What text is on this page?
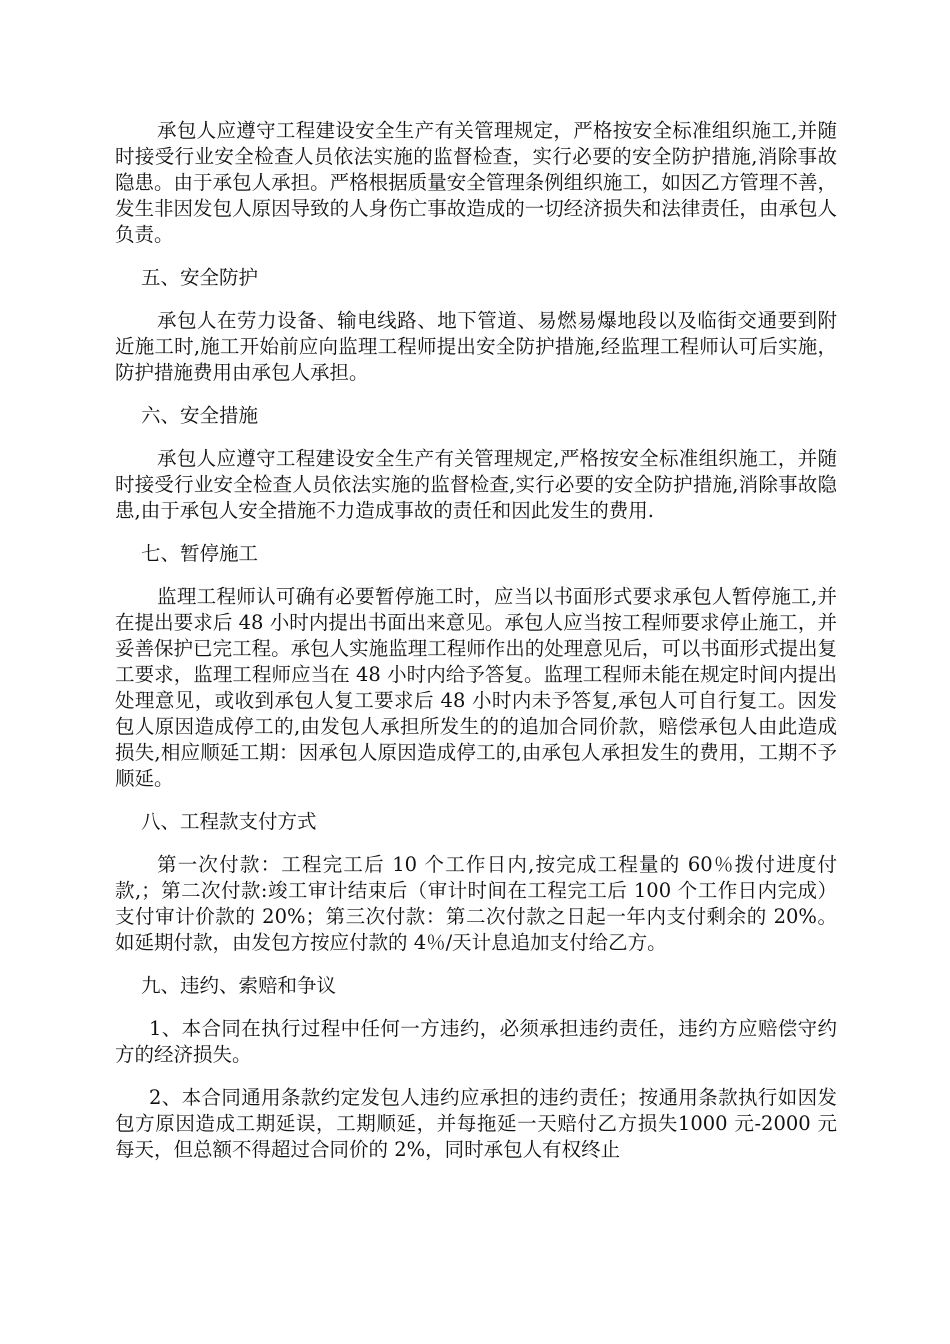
承包人应遵守工程建设安全生产有关管理规定，严格按安全标准组织施工,并随时接受行业安全检查人员依法实施的监督检查，实行必要的安全防护措施,消除事故隐患。由于承包人承担。严格根据质量安全管理条例组织施工，如因乙方管理不善，发生非因发包人原因导致的人身伤亡事故造成的一切经济损失和法律责任，由承包人负责。

五、安全防护

承包人在劳力设备、输电线路、地下管道、易燃易爆地段以及临街交通要到附近施工时,施工开始前应向监理工程师提出安全防护措施,经监理工程师认可后实施，防护措施费用由承包人承担。

六、安全措施

承包人应遵守工程建设安全生产有关管理规定,严格按安全标准组织施工，并随时接受行业安全检查人员依法实施的监督检查,实行必要的安全防护措施,消除事故隐患,由于承包人安全措施不力造成事故的责任和因此发生的费用.

七、暂停施工

监理工程师认可确有必要暂停施工时，应当以书面形式要求承包人暂停施工,并在提出要求后 48 小时内提出书面出来意见。承包人应当按工程师要求停止施工，并妥善保护已完工程。承包人实施监理工程师作出的处理意见后，可以书面形式提出复工要求，监理工程师应当在 48 小时内给予答复。监理工程师未能在规定时间内提出处理意见，或收到承包人复工要求后 48 小时内未予答复,承包人可自行复工。因发包人原因造成停工的,由发包人承担所发生的的追加合同价款，赔偿承包人由此造成损失,相应顺延工期：因承包人原因造成停工的,由承包人承担发生的费用，工期不予顺延。

八、工程款支付方式

第一次付款：工程完工后 10 个工作日内,按完成工程量的 60％拨付进度付款,；第二次付款:竣工审计结束后（审计时间在工程完工后 100 个工作日内完成）支付审计价款的 20%；第三次付款：第二次付款之日起一年内支付剩余的 20%。如延期付款，由发包方按应付款的 4％/天计息追加支付给乙方。

九、违约、索赔和争议

1、本合同在执行过程中任何一方违约，必须承担违约责任，违约方应赔偿守约方的经济损失。

2、本合同通用条款约定发包人违约应承担的违约责任；按通用条款执行如因发包方原因造成工期延误，工期顺延，并每拖延一天赔付乙方损失1000 元-2000 元每天，但总额不得超过合同价的 2%，同时承包人有权终止
